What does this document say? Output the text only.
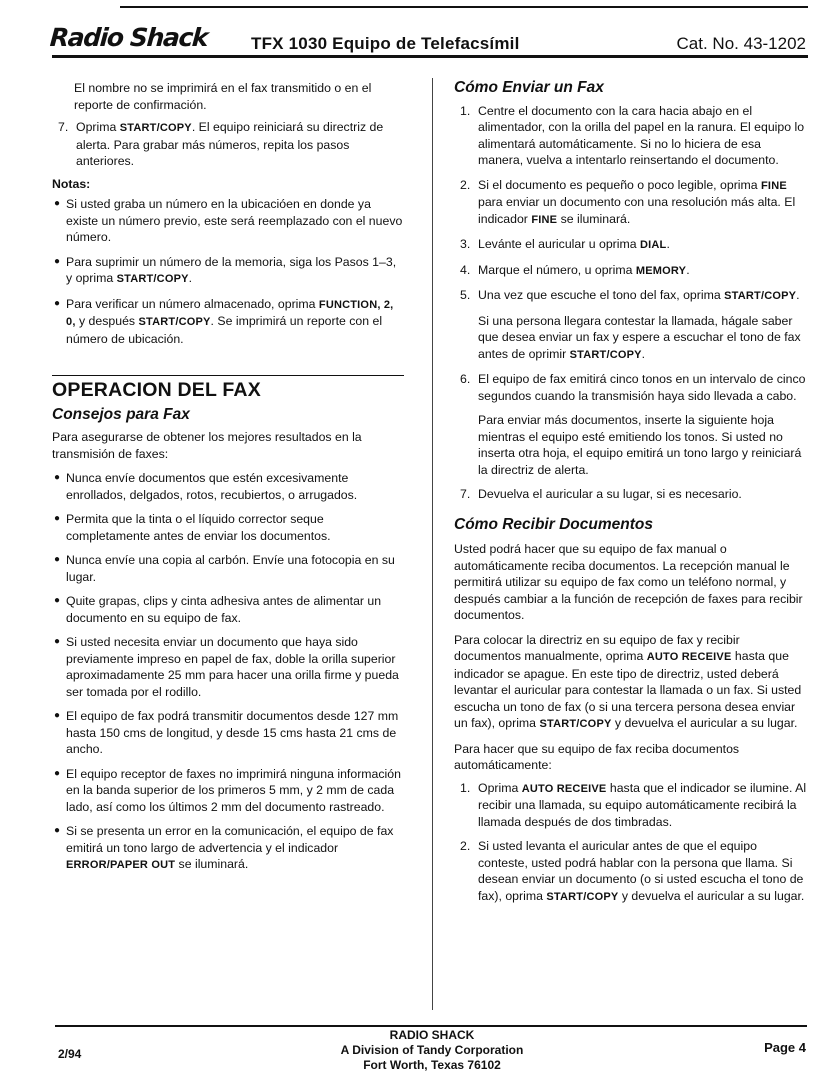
Radio Shack	TFX 1030 Equipo de Telefacsímil	Cat. No. 43-1202

El nombre no se imprimirá en el fax transmitido o en el reporte de confirmación.

7. Oprima START/COPY. El equipo reiniciará su directriz de alerta. Para grabar más números, repita los pasos anteriores.

Notas:

● Si usted graba un número en la ubicacióen en donde ya existe un número previo, este será reemplazado con el nuevo número.
● Para suprimir un número de la memoria, siga los Pasos 1–3, y oprima START/COPY.
● Para verificar un número almacenado, oprima FUNCTION, 2, 0, y después START/COPY. Se imprimirá un reporte con el número de ubicación.
OPERACION DEL FAX
Consejos para Fax

Para asegurarse de obtener los mejores resultados en la transmisión de faxes:

● Nunca envíe documentos que estén excesivamente enrollados, delgados, rotos, recubiertos, o arrugados.
● Permita que la tinta o el líquido corrector seque completamente antes de enviar los documentos.
● Nunca envíe una copia al carbón. Envíe una fotocopia en su lugar.
● Quite grapas, clips y cinta adhesiva antes de alimentar un documento en su equipo de fax.
● Si usted necesita enviar un documento que haya sido previamente impreso en papel de fax, doble la orilla superior aproximadamente 25 mm para hacer una orilla firme y pueda ser tomada por el rodillo.
● El equipo de fax podrá transmitir documentos desde 127 mm hasta 150 cms de longitud, y desde 15 cms hasta 21 cms de ancho.
● El equipo receptor de faxes no imprimirá ninguna información en la banda superior de los primeros 5 mm, y 2 mm de cada lado, así como los últimos 2 mm del documento rastreado.
● Si se presenta un error en la comunicación, el equipo de fax emitirá un tono largo de advertencia y el indicador ERROR/PAPER OUT se iluminará.
Cómo Enviar un Fax
1. Centre el documento con la cara hacia abajo en el alimentador, con la orilla del papel en la ranura. El equipo lo alimentará automáticamente. Si no lo hiciera de esa manera, vuelva a intentarlo reinsertando el documento.
2. Si el documento es pequeño o poco legible, oprima FINE para enviar un documento con una resolución más alta. El indicador FINE se iluminará.
3. Levánte el auricular u oprima DIAL.
4. Marque el número, u oprima MEMORY.
5. Una vez que escuche el tono del fax, oprima START/COPY.

Si una persona llegara contestar la llamada, hágale saber que desea enviar un fax y espere a escuchar el tono de fax antes de oprimir START/COPY.

6. El equipo de fax emitirá cinco tonos en un intervalo de cinco segundos cuando la transmisión haya sido llevada a cabo.

Para enviar más documentos, inserte la siguiente hoja mientras el equipo esté emitiendo los tonos. Si usted no inserta otra hoja, el equipo emitirá un tono largo y reiniciará la directriz de alerta.

7. Devuelva el auricular a su lugar, si es necesario.
Cómo Recibir Documentos

Usted podrá hacer que su equipo de fax manual o automáticamente reciba documentos. La recepción manual le permitirá utilizar su equipo de fax como un teléfono normal, y después cambiar a la función de recepción de faxes para recibir documentos.

Para colocar la directriz en su equipo de fax y recibir documentos manualmente, oprima AUTO RECEIVE hasta que indicador se apague. En este tipo de directriz, usted deberá levantar el auricular para contestar la llamada o un fax. Si usted escucha un tono de fax (o si una tercera persona desea enviar un fax), oprima START/COPY y devuelva el auricular a su lugar.

Para hacer que su equipo de fax reciba documentos automáticamente:

1. Oprima AUTO RECEIVE hasta que el indicador se ilumine. Al recibir una llamada, su equipo automáticamente recibirá la llamada después de dos timbradas.
2. Si usted levanta el auricular antes de que el equipo conteste, usted podrá hablar con la persona que llama. Si desean enviar un documento (o si usted escucha el tono de fax), oprima START/COPY y devuelva el auricular a su lugar.
2/94
RADIO SHACK
A Division of Tandy Corporation
Fort Worth, Texas 76102
Page 4
